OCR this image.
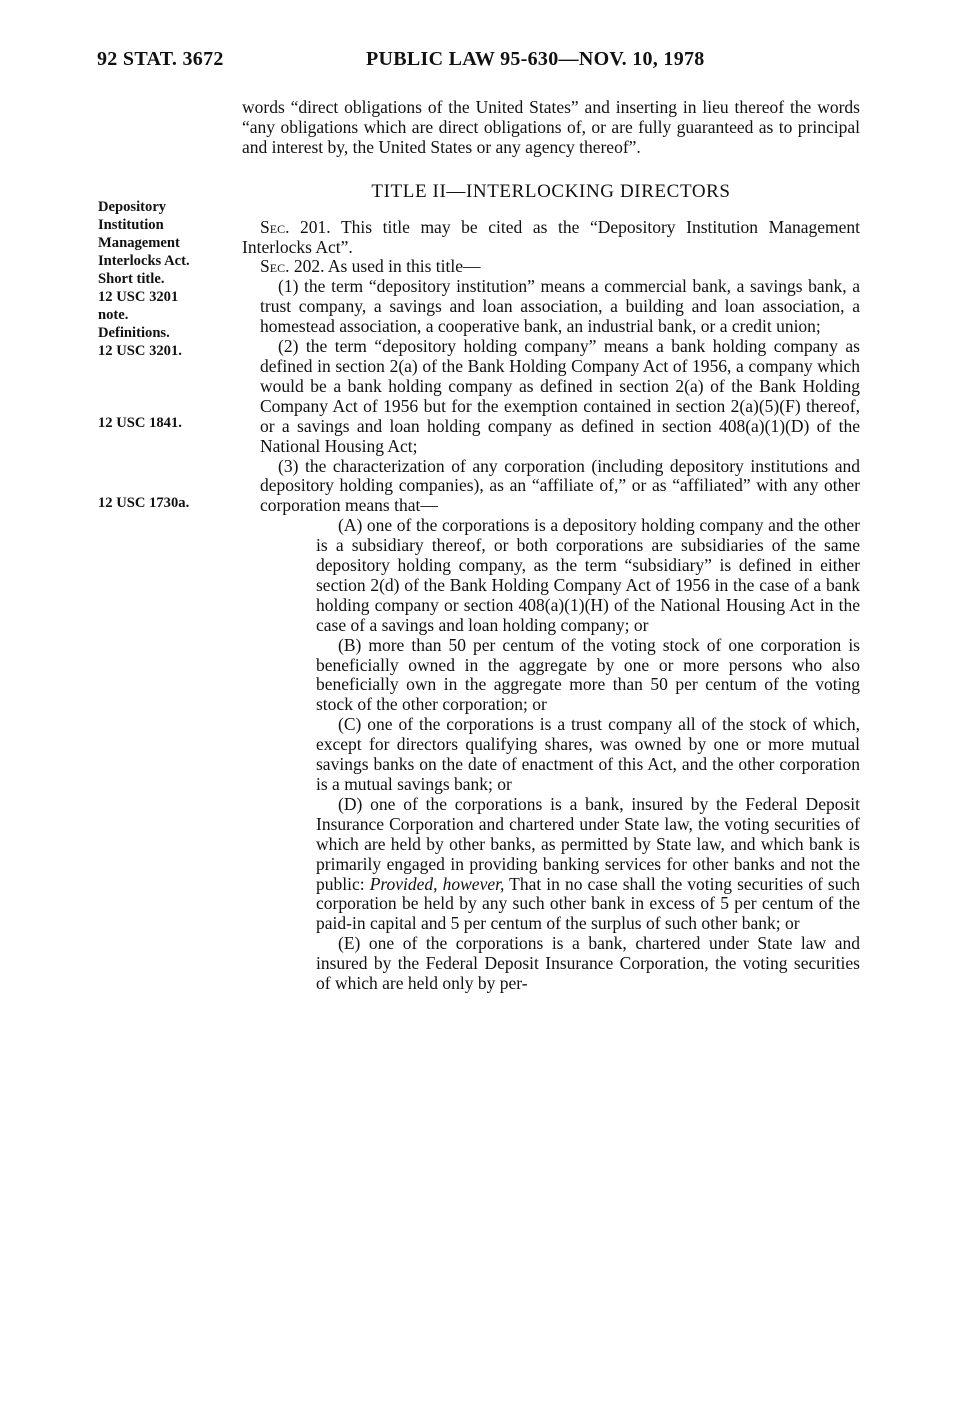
92 STAT. 3672	PUBLIC LAW 95-630—NOV. 10, 1978
Depository
Institution
Management
Interlocks Act.
Short title.
12 USC 3201
note.
Definitions.
12 USC 3201.
12 USC 1841.
12 USC 1730a.

words “direct obligations of the United States” and inserting in lieu thereof the words “any obligations which are direct obligations of, or are fully guaranteed as to principal and interest by, the United States or any agency thereof”.

TITLE II—INTERLOCKING DIRECTORS

Sec. 201. This title may be cited as the “Depository Institution Management Interlocks Act”.

Sec. 202. As used in this title—

(1) the term “depository institution” means a commercial bank, a savings bank, a trust company, a savings and loan association, a building and loan association, a homestead association, a cooperative bank, an industrial bank, or a credit union;

(2) the term “depository holding company” means a bank holding company as defined in section 2(a) of the Bank Holding Company Act of 1956, a company which would be a bank holding company as defined in section 2(a) of the Bank Holding Company Act of 1956 but for the exemption contained in section 2(a)(5)(F) thereof, or a savings and loan holding company as defined in section 408(a)(1)(D) of the National Housing Act;

(3) the characterization of any corporation (including depository institutions and depository holding companies), as an “affiliate of,” or as “affiliated” with any other corporation means that—

(A) one of the corporations is a depository holding company and the other is a subsidiary thereof, or both corporations are subsidiaries of the same depository holding company, as the term “subsidiary” is defined in either section 2(d) of the Bank Holding Company Act of 1956 in the case of a bank holding company or section 408(a)(1)(H) of the National Housing Act in the case of a savings and loan holding company; or

(B) more than 50 per centum of the voting stock of one corporation is beneficially owned in the aggregate by one or more persons who also beneficially own in the aggregate more than 50 per centum of the voting stock of the other corporation; or

(C) one of the corporations is a trust company all of the stock of which, except for directors qualifying shares, was owned by one or more mutual savings banks on the date of enactment of this Act, and the other corporation is a mutual savings bank; or

(D) one of the corporations is a bank, insured by the Federal Deposit Insurance Corporation and chartered under State law, the voting securities of which are held by other banks, as permitted by State law, and which bank is primarily engaged in providing banking services for other banks and not the public: Provided, however, That in no case shall the voting securities of such corporation be held by any such other bank in excess of 5 per centum of the paid-in capital and 5 per centum of the surplus of such other bank; or

(E) one of the corporations is a bank, chartered under State law and insured by the Federal Deposit Insurance Corporation, the voting securities of which are held only by per-
